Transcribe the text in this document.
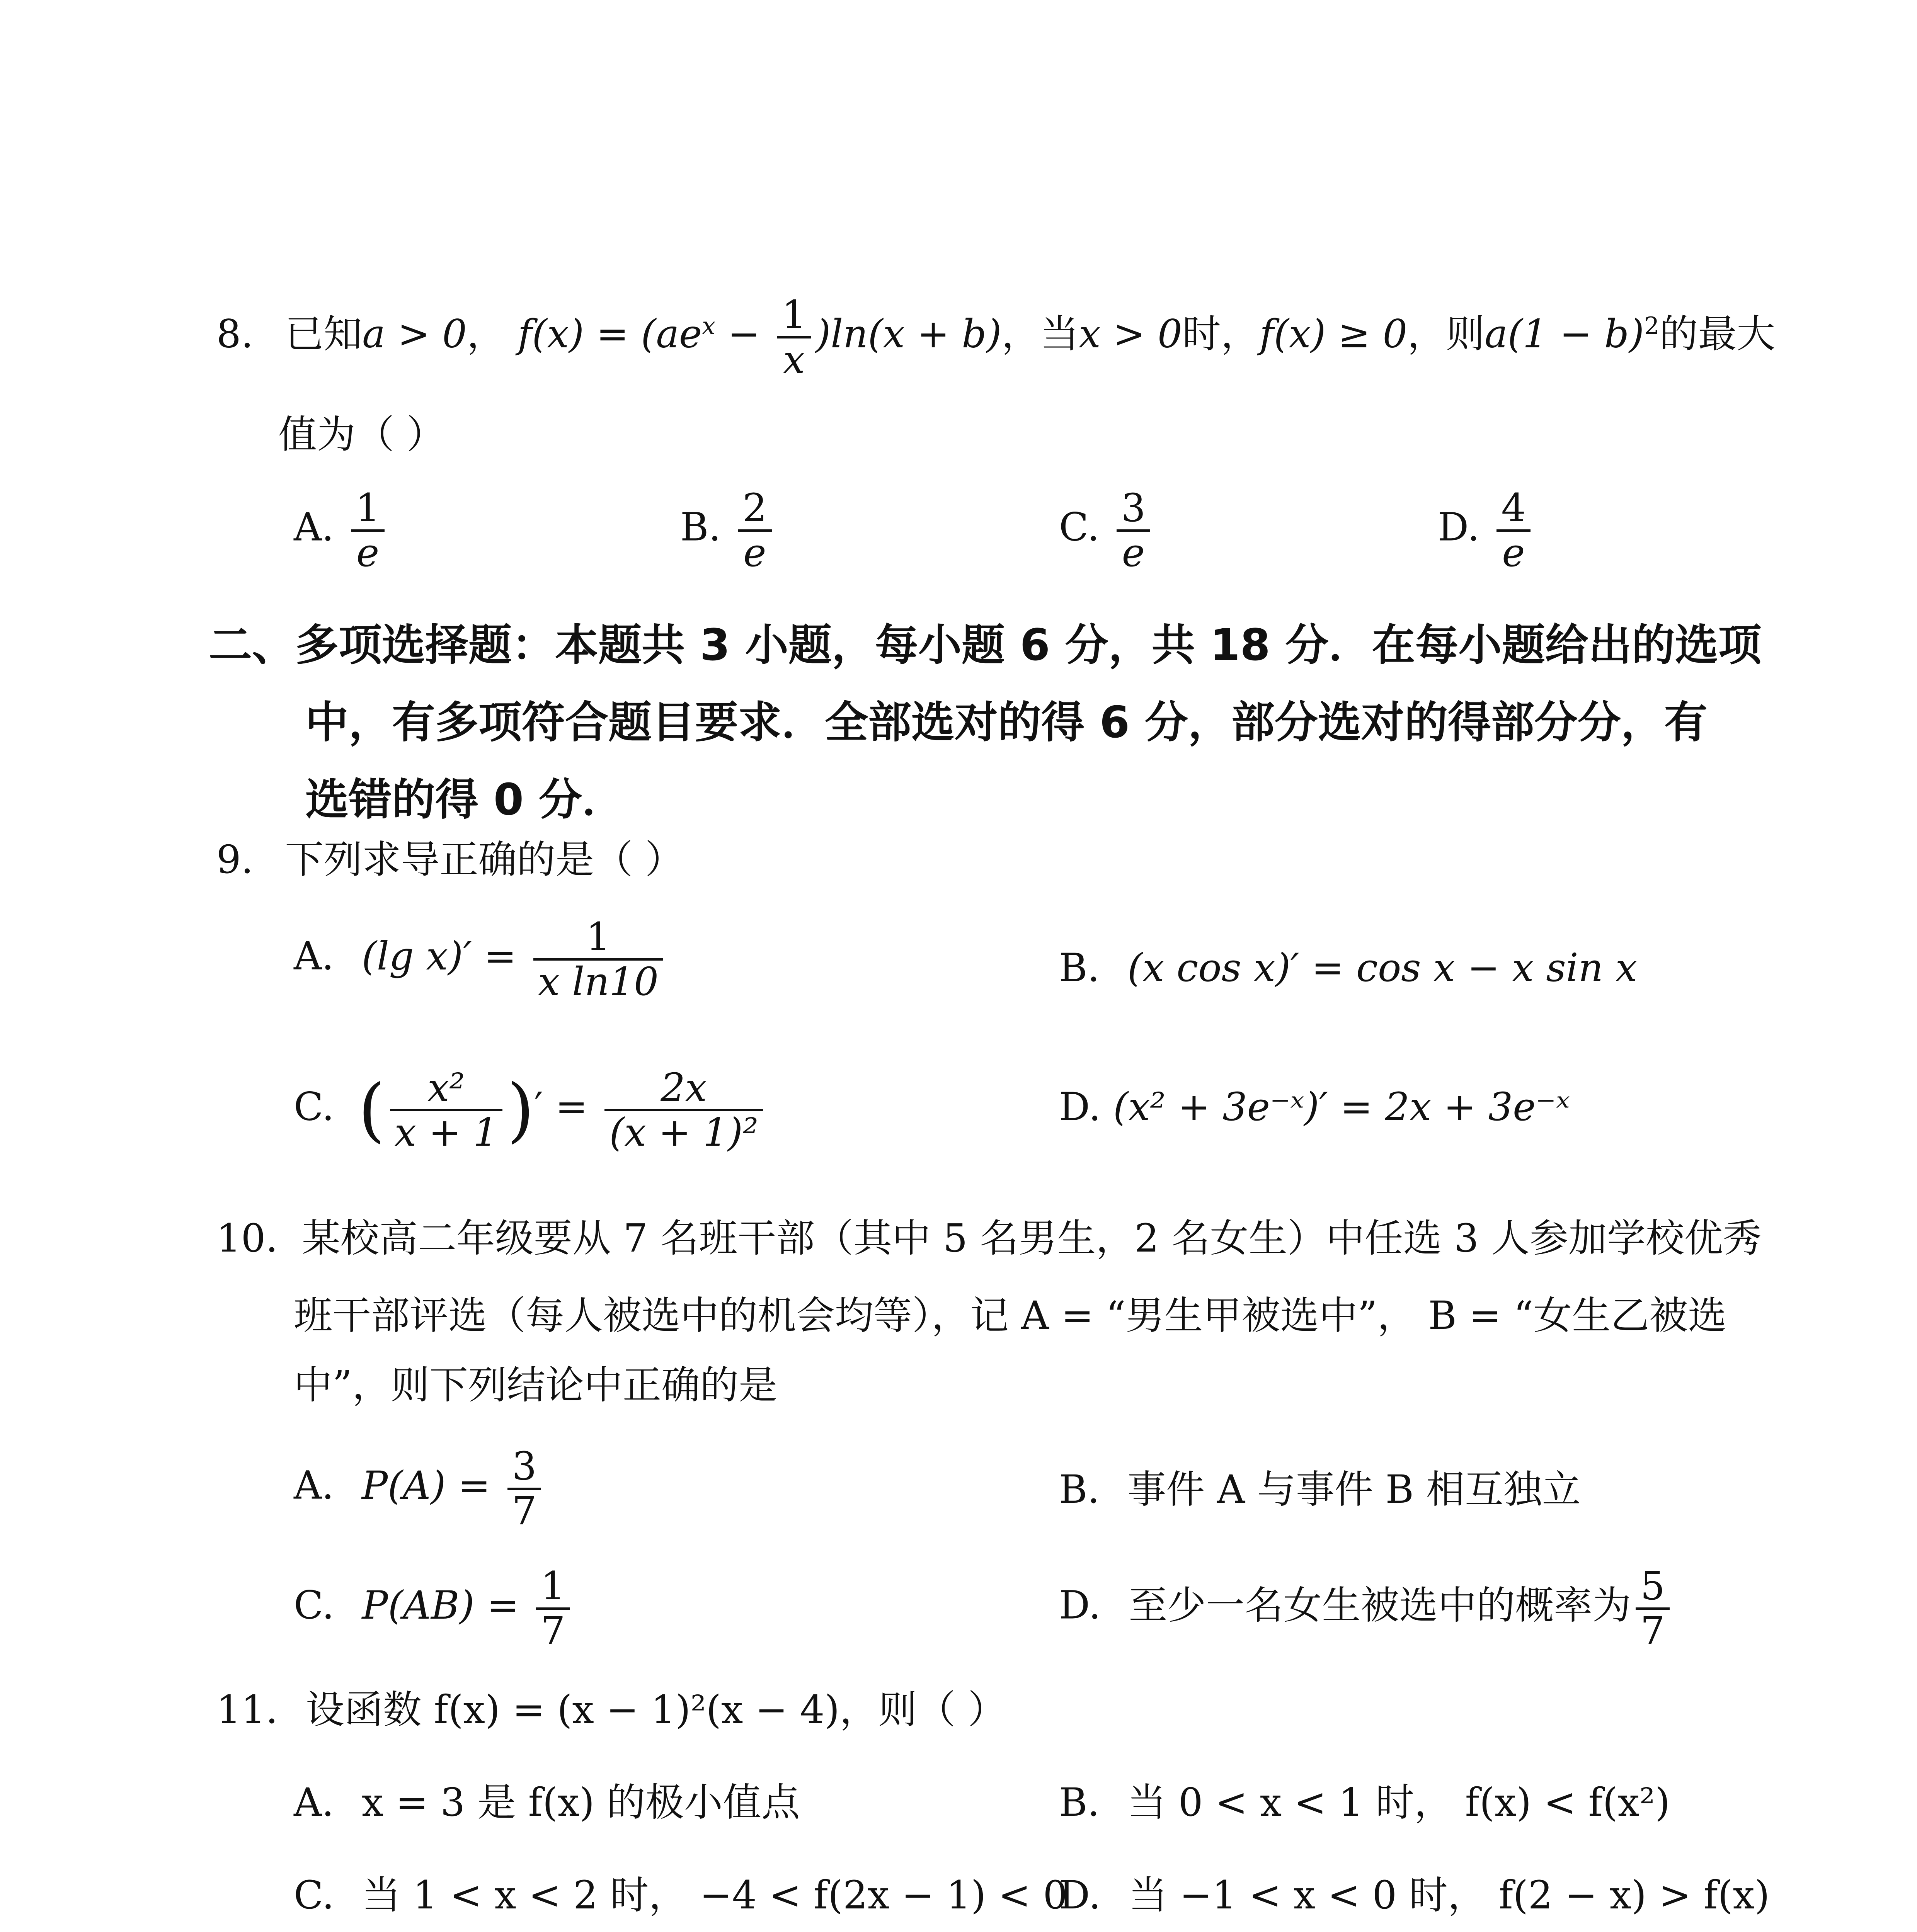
8. 已知a > 0， $f(x) = (ae^x - \frac{1}{x} )\ln(x + b)$，当x > 0时，f(x) ≥ 0，则$a(1 - b)^2$的最大
值为（ ）
A. $\frac{1}{e}$	B. $\frac{2}{e}$	C. $\frac{3}{e}$	D. $\frac{4}{e}$
二、多项选择题：本题共 3 小题，每小题 6 分，共 18 分．在每小题给出的选项
中，有多项符合题目要求．全部选对的得 6 分，部分选对的得部分分，有
选错的得 0 分．
9. 下列求导正确的是（ ）
A. (lg $x)' = \frac{1}{\text{x ln10}}$	B. (x cos x)′ = cos x − x sin x
C. ( $\frac{\text{x²}}{x + 1}$ )′ = $\frac{2x}{\text{(x + 1)²}}$	D. (x² + 3e⁻ˣ)′ = 2x + 3e⁻ˣ
10. 某校高二年级要从 7 名班干部（其中 5 名男生，2 名女生）中任选 3 人参加学校优秀
班干部评选（每人被选中的机会均等），记 A = “男生甲被选中”， B = “女生乙被选
中”，则下列结论中正确的是
A. $P(A) = \frac{3}{7}$	B. 事件 A 与事件 B 相互独立
C. $P(AB) = \frac{1}{7}$	D. 至少一名女生被选中的概率为 $\frac{5}{7}$
11. 设函数 f(x) = (x − 1)²(x − 4)，则（ ）
A. x = 3 是 f(x) 的极小值点	B. 当 0 < x < 1 时， f(x) < f(x²)
C. 当 1 < x < 2 时， −4 < f(2x − 1) < 0
D. 当 −1 < x < 0 时， f(2 − x) > f(x)
